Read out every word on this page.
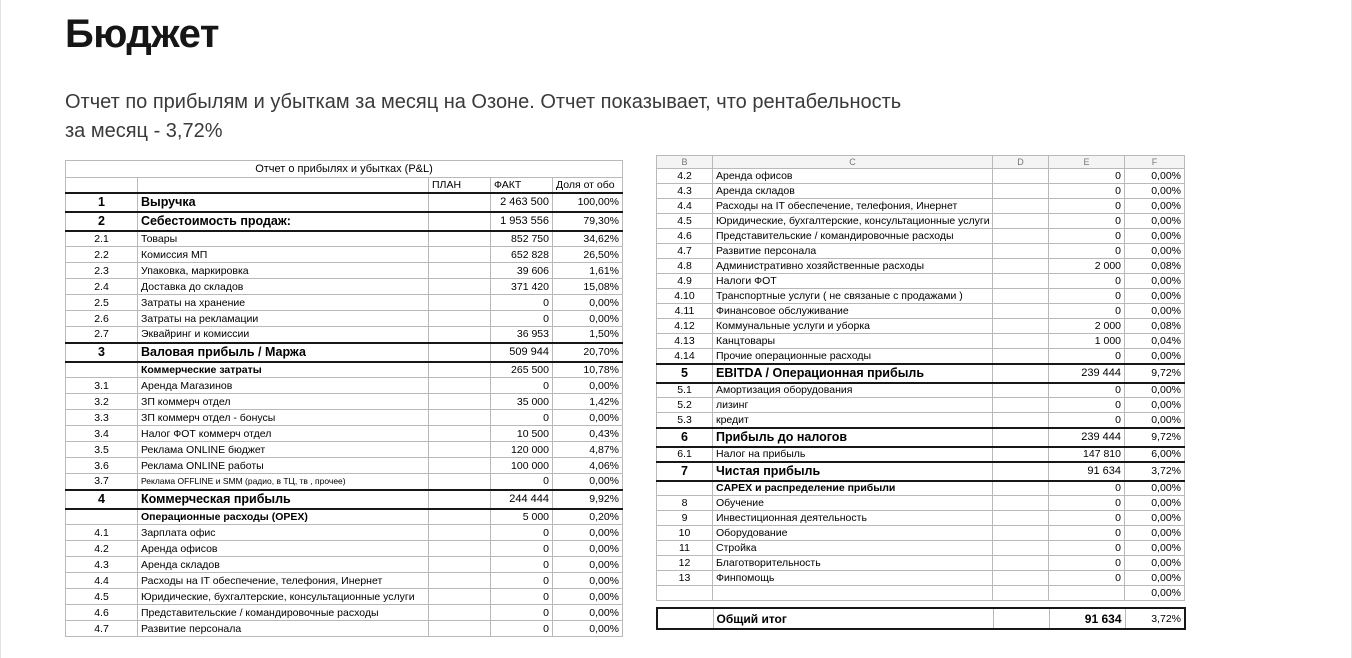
Бюджет

Отчет по прибылям и убыткам за месяц на Озоне. Отчет показывает, что рентабельность
за месяц - 3,72%

Отчет о прибылях и убытках (P&L)				
		ПЛАН	ФАКТ	Доля от обо
1	Выручка		2 463 500	100,00%
2	Себестоимость продаж:		1 953 556	79,30%
2.1	Товары		852 750	34,62%
2.2	Комиссия МП		652 828	26,50%
2.3	Упаковка, маркировка		39 606	1,61%
2.4	Доставка до складов		371 420	15,08%
2.5	Затраты на хранение		0	0,00%
2.6	Затраты на рекламации		0	0,00%
2.7	Эквайринг и комиссии		36 953	1,50%
3	Валовая прибыль / Маржа		509 944	20,70%
	Коммерческие затраты		265 500	10,78%
3.1	Аренда Магазинов		0	0,00%
3.2	ЗП коммерч отдел		35 000	1,42%
3.3	ЗП коммерч отдел - бонусы		0	0,00%
3.4	Налог ФОТ коммерч отдел		10 500	0,43%
3.5	Реклама ONLINE бюджет		120 000	4,87%
3.6	Реклама ONLINE работы		100 000	4,06%
3.7	Реклама OFFLINE и SMM (радио, в ТЦ, тв , прочее)		0	0,00%
4	Коммерческая прибыль		244 444	9,92%
	Операционные расходы (OPEX)		5 000	0,20%
4.1	Зарплата офис		0	0,00%
4.2	Аренда офисов		0	0,00%
4.3	Аренда складов		0	0,00%
4.4	Расходы на IT обеспечение, телефония, Инернет		0	0,00%
4.5	Юридические, бухгалтерские, консультационные услуги		0	0,00%
4.6	Представительские / командировочные расходы		0	0,00%
4.7	Развитие персонала		0	0,00%
B	C	D	E	F
4.2	Аренда офисов		0	0,00%
4.3	Аренда складов		0	0,00%
4.4	Расходы на IT обеспечение, телефония, Инернет		0	0,00%
4.5	Юридические, бухгалтерские, консультационные услуги		0	0,00%
4.6	Представительские / командировочные расходы		0	0,00%
4.7	Развитие персонала		0	0,00%
4.8	Административно хозяйственные расходы		2 000	0,08%
4.9	Налоги ФОТ		0	0,00%
4.10	Транспортные услуги ( не связаные с продажами )		0	0,00%
4.11	Финансовое обслуживание		0	0,00%
4.12	Коммунальные услуги и уборка		2 000	0,08%
4.13	Канцтовары		1 000	0,04%
4.14	Прочие операционные расходы		0	0,00%
5	EBITDA / Операционная прибыль		239 444	9,72%
5.1	Амортизация оборудования		0	0,00%
5.2	лизинг		0	0,00%
5.3	кредит		0	0,00%
6	Прибыль до налогов		239 444	9,72%
6.1	Налог на прибыль		147 810	6,00%
7	Чистая прибыль		91 634	3,72%
	CAPEX и распределение прибыли		0	0,00%
8	Обучение		0	0,00%
9	Инвестиционная деятельность		0	0,00%
10	Оборудование		0	0,00%
11	Стройка		0	0,00%
12	Благотворительность		0	0,00%
13	Финпомощь		0	0,00%
				0,00%
	Общий итог		91 634	3,72%
